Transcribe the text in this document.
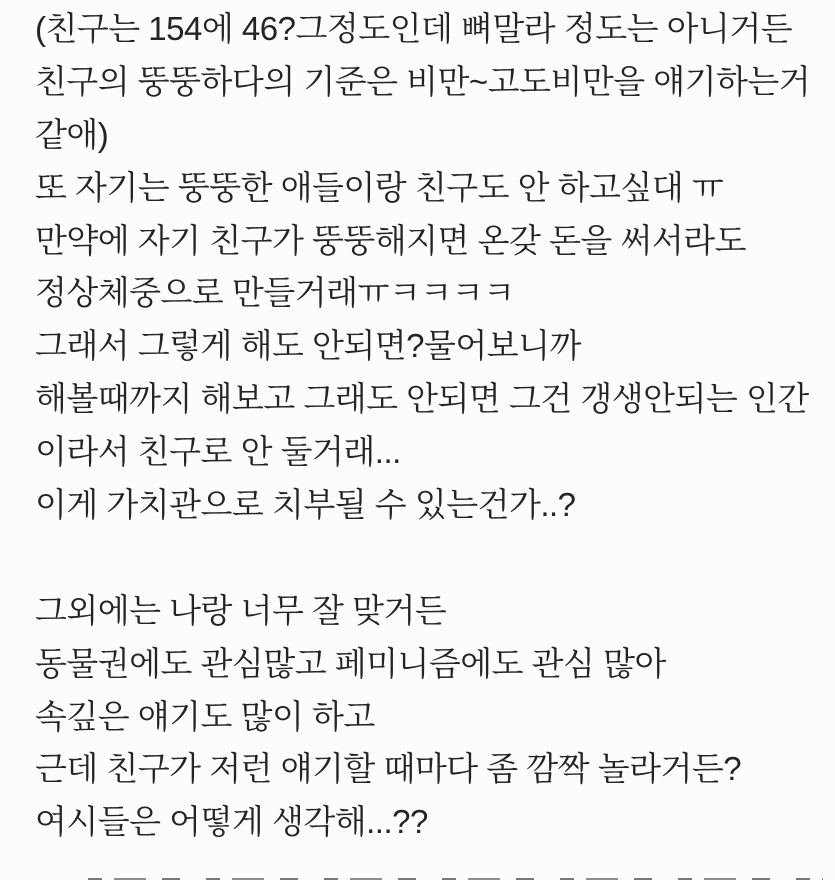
(친구는 154에 46?그정도인데 뼈말라 정도는 아니거든
친구의 뚱뚱하다의 기준은 비만~고도비만을 얘기하는거
같애)
또 자기는 뚱뚱한 애들이랑 친구도 안 하고싶대 ㅠ
만약에 자기 친구가 뚱뚱해지면 온갖 돈을 써서라도
정상체중으로 만들거래ㅠㅋㅋㅋㅋ
그래서 그렇게 해도 안되면?물어보니까
해볼때까지 해보고 그래도 안되면 그건 갱생안되는 인간
이라서 친구로 안 둘거래...
이게 가치관으로 치부될 수 있는건가..?
그외에는 나랑 너무 잘 맞거든
동물권에도 관심많고 페미니즘에도 관심 많아
속깊은 얘기도 많이 하고
근데 친구가 저런 얘기할 때마다 좀 깜짝 놀라거든?
여시들은 어떻게 생각해...??
